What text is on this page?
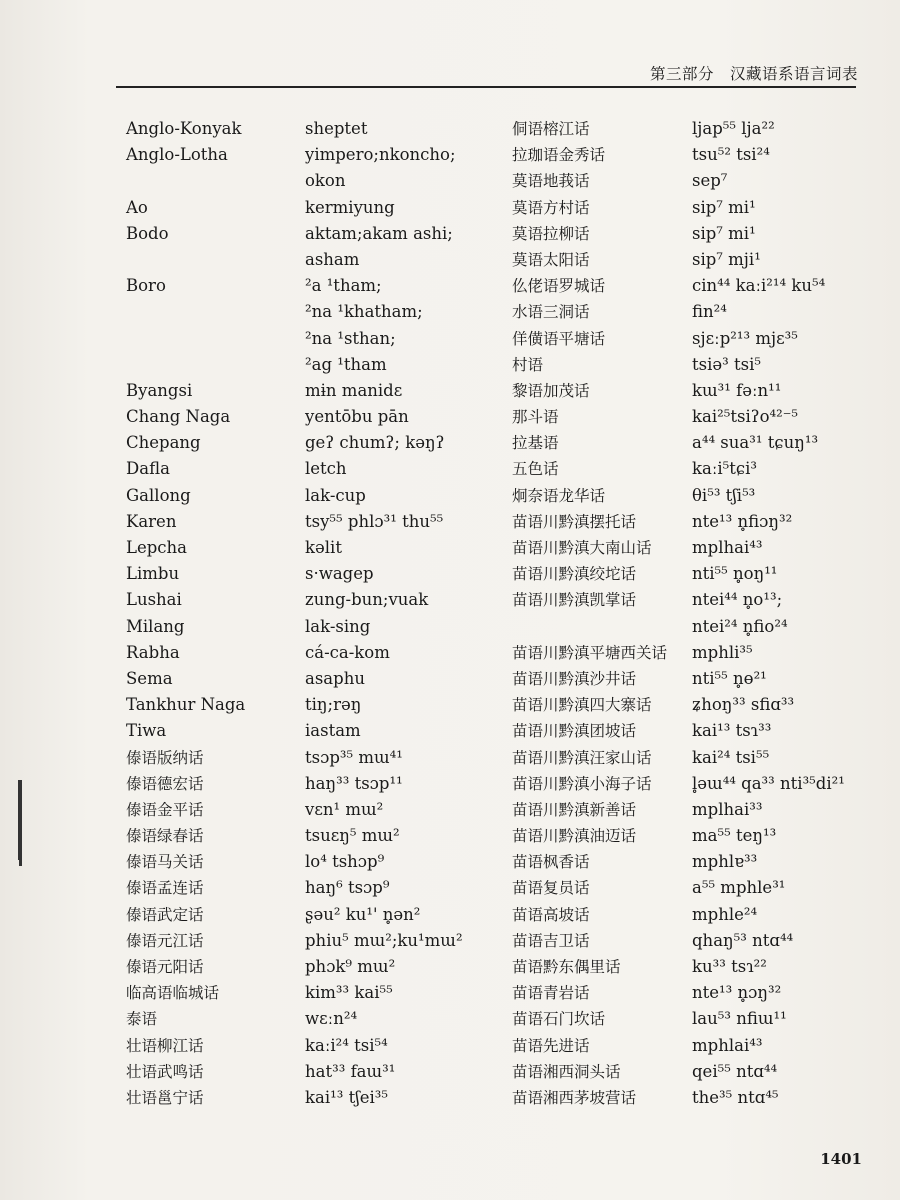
第三部分　汉藏语系语言词表
Anglo-Konyak
Anglo-Lotha
Ao
Bodo
Boro
Byangsi
Chang Naga
Chepang
Dafla
Gallong
Karen
Lepcha
Limbu
Lushai
Milang
Rabha
Sema
Tankhur Naga
Tiwa
傣语版纳话
傣语德宏话
傣语金平话
傣语绿春话
傣语马关话
傣语孟连话
傣语武定话
傣语元江话
傣语元阳话
临高语临城话
泰语
壮语柳江话
壮语武鸣话
壮语邕宁话
sheptet
yimpero;nkoncho;
okon
kermiyung
aktam;akam ashi;
asham
²a ¹tham;
²na ¹khatham;
²na ¹sthan;
²ag ¹tham
mɨn manidɛ
yentōbu pān
geʔ chumʔ; kəŋʔ
letch
lak-cup
tsy⁵⁵ phlɔ³¹ thu⁵⁵
kəlit
s·wagep
zung-bun;vuak
lak-sing
cá-ca-kom
asaphu
tiŋ;rəŋ
iastam
tsɔp³⁵ mɯ⁴¹
haŋ³³ tsɔp¹¹
vɛn¹ mɯ²
tsuɛŋ⁵ mɯ²
lo⁴ tshɔp⁹
haŋ⁶ tsɔp⁹
ʂəu² ku¹' n̥ən²
phiu⁵ mɯ²;ku¹mɯ²
phɔk⁹ mɯ²
kim³³ kai⁵⁵
wɛːn²⁴
kaːi²⁴ tsi⁵⁴
hat³³ faɯ³¹
kai¹³ tʃei³⁵
侗语榕江话
拉珈语金秀话
莫语地莪话
莫语方村话
莫语拉柳话
莫语太阳话
仫佬语罗城话
水语三洞话
佯僙语平塘话
村语
黎语加茂话
那斗语
拉基语
五色话
炯奈语龙华话
苗语川黔滇摆托话
苗语川黔滇大南山话
苗语川黔滇绞坨话
苗语川黔滇凯掌话
苗语川黔滇平塘西关话
苗语川黔滇沙井话
苗语川黔滇四大寨话
苗语川黔滇团坡话
苗语川黔滇汪家山话
苗语川黔滇小海子话
苗语川黔滇新善话
苗语川黔滇油迈话
苗语枫香话
苗语复员话
苗语高坡话
苗语吉卫话
苗语黔东偶里话
苗语青岩话
苗语石门坎话
苗语先进话
苗语湘西洞头话
苗语湘西茅坡营话
ljap⁵⁵ lja²²
tsu⁵² tsi²⁴
sep⁷
sip⁷ mi¹
sip⁷ mi¹
sip⁷ mji¹
cin⁴⁴ kaːi²¹⁴ ku⁵⁴
fin²⁴
sjɛːp²¹³ mjɛ³⁵
tsiə³ tsi⁵
kɯ³¹ fəːn¹¹
kai²⁵tsiʔo⁴²⁻⁵
a⁴⁴ sua³¹ tɕuŋ¹³
kaːi⁵tɕi³
θi⁵³ tʃi⁵³
nte¹³ n̥fiɔŋ³²
mplhai⁴³
nti⁵⁵ n̥oŋ¹¹
ntei⁴⁴ n̥o¹³;
ntei²⁴ n̥fio²⁴
mphli³⁵
nti⁵⁵ n̥ɵ²¹
ʑhoŋ³³ sfiɑ³³
kai¹³ tsɿ³³
kai²⁴ tsi⁵⁵
l̥əɯ⁴⁴ qa³³ nti³⁵di²¹
mplhai³³
ma⁵⁵ teŋ¹³
mphlɐ³³
a⁵⁵ mphle³¹
mphle²⁴
qhaŋ⁵³ ntɑ⁴⁴
ku³³ tsɿ²²
nte¹³ n̥ɔŋ³²
lau⁵³ nfiɯ¹¹
mphlai⁴³
qei⁵⁵ ntɑ⁴⁴
the³⁵ ntɑ⁴⁵
1401
